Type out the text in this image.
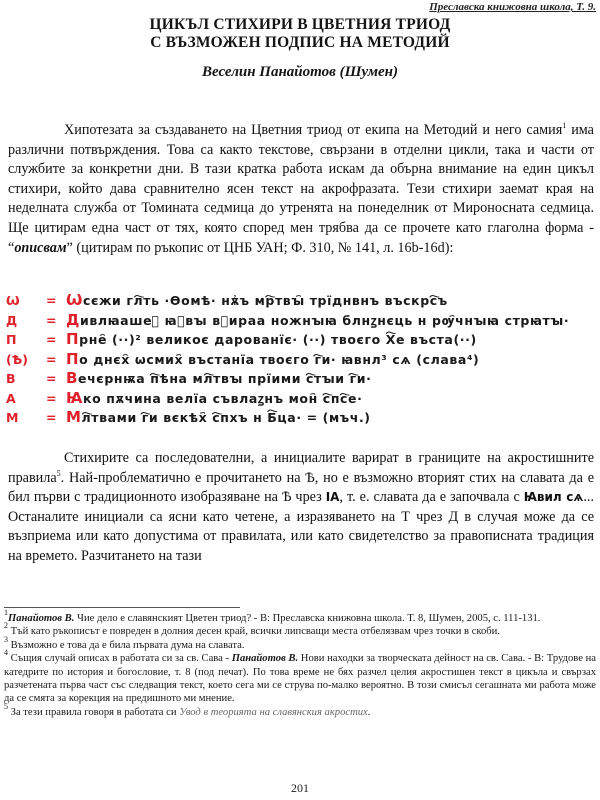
Преславска книжовна школа, Т. 9.
ЦИКЪЛ СТИХИРИ В ЦВЕТНИЯ ТРИОД
С ВЪЗМОЖЕН ПОДПИС НА МЕТОДИЙ
Веселин Панайотов (Шумен)

Хипотезата за създаването на Цветния триод от екипа на Методий и него самия$^1$ има различни потвърждения. Това са както текстове, свързани в отделни цикли, така и части от службите за конкретни дни. В тази кратка работа искам да обърна внимание на един цикъл стихири, който дава сравнително ясен текст на акрофразата. Тези стихири заемат края на неделната служба от Томината седмица до утренята на понеделник от Мироносната седмица. Ще цитирам една част от тях, която според мен трябва да се прочете като глаголна форма - “описвам” (цитирам по ръкопис от ЦНБ УАН; Ф. 310, № 141, л. 16b-16d):

Ѡ	= Ѡсєжи гл҇ть ·Ѳомѣ· нѫ҆ъ мр҇твꙑ҄ трїднвнъ въскрс҇ъ
Д	= Дивлꙗаше꙽ ꙗꙁвꙑ вꙁирaа ножнꙑꙗ блнꙁнєць н рѹ҄чнꙑꙗ стрꙗтꙑ·
П	= Прне҄ (··)² великоє даровaнїє· (··) твоєго Х҇е въста(··)
(Ѣ)	= По днєх҄ ѡсмих҄ въстанїа твоєго г҇и· ꙗвнл³ сѧ (слава⁴)
В	= Вечєрнѭа п҇ѣна мл҇твꙑ прїими с҇тꙑи г҇и·
А	= Ꙗко пѫчина велїа съвлаꙁнъ мон҄ с҇пс҇е·
М	= Мл҇твами г҇и вєкѣх҄ с҇пхъ н Б҇ца· = (мъч.)

Стихирите са последователни, а инициалите варират в границите на акростишните правила$^5$. Най-проблематично е прочитането на Ѣ, но е възможно вторият стих на славата да е бил първи с традиционното изобразяване на Ѣ чрез ІА, т. е. славата да е започвала с Ꙗвил сѧ... Останалите инициали са ясни като четене, а изразяването на Т чрез Д в случая може да се възприема или като допустима от правилата, или като свидетелство за правописната традиция на времето. Разчитането на тази

$^1$Панайотов В. Чие дело е славянският Цветен триод? - В: Преславска книжовна школа. Т. 8, Шумен, 2005, с. 111-131.

$^2$ Тъй като ръкописът е повреден в долния десен край, всички липсващи места отбелязвам чрез точки в скоби.

$^3$ Възможно е това да е била първата дума на славата.

$^4$ Същия случай описах в работата си за св. Сава - Панайотов В. Нови находки за творческата дейност на св. Сава. - В: Трудове на катедрите по история и богословие, т. 8 (под печат). По това време не бях разчел целия акростишен текст в цикъла и свързах разчетената първа част със следващия текст, което сега ми се струва по-малко вероятно. В този смисъл сегашната ми работа може да се смята за корекция на предишното ми мнение.

$^5$ За тези правила говоря в работата си Увод в теорията на славянския акростих.

201
